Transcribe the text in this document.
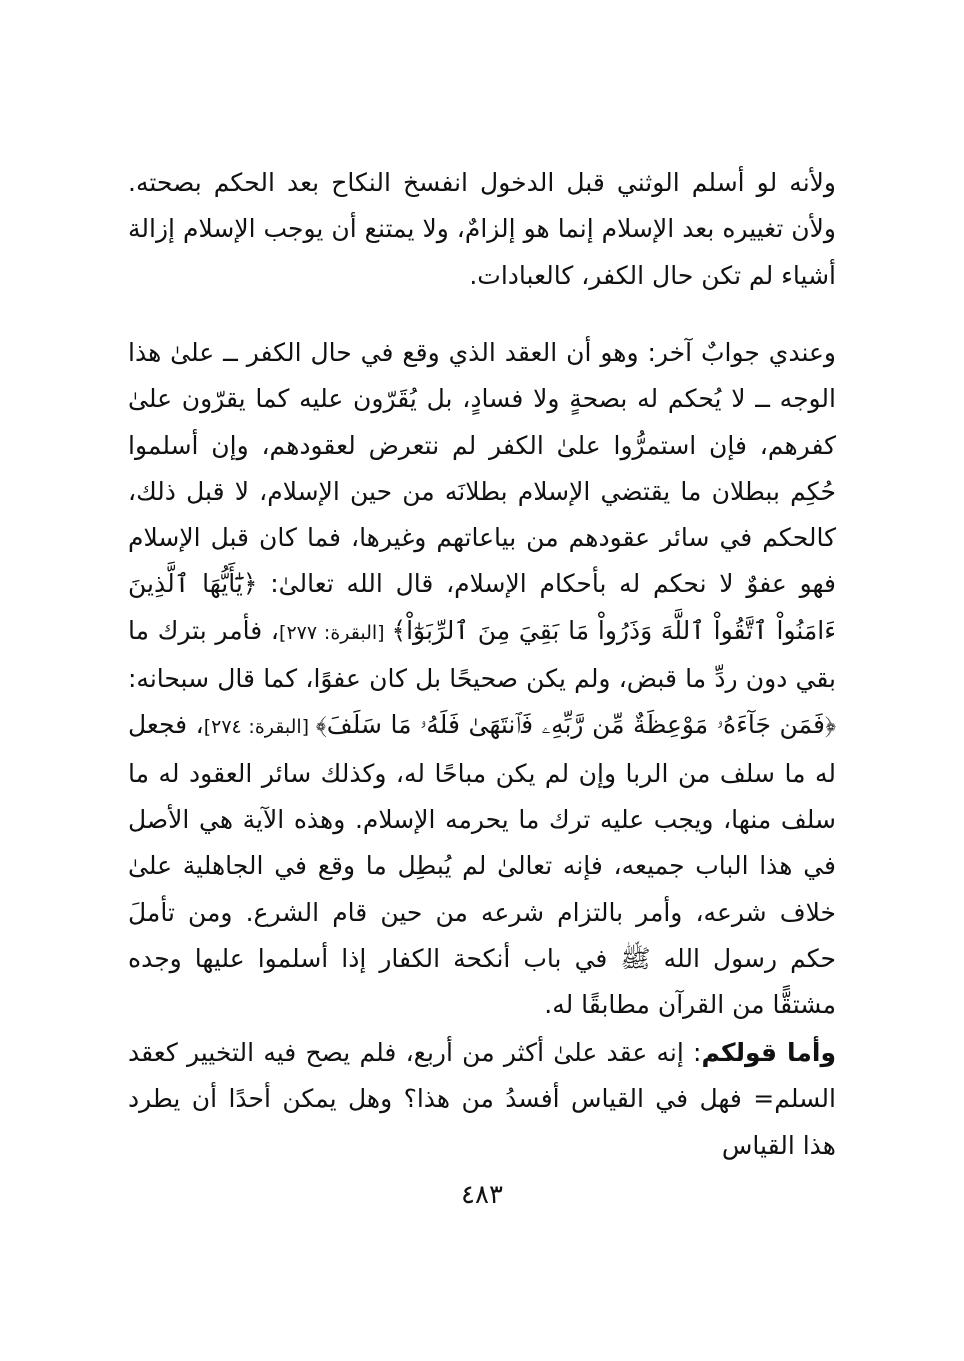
ولأنه لو أسلم الوثني قبل الدخول انفسخ النكاح بعد الحكم بصحته. ولأن تغييره بعد الإسلام إنما هو إلزامٌ، ولا يمتنع أن يوجب الإسلام إزالة أشياء لم تكن حال الكفر، كالعبادات.

وعندي جوابٌ آخر: وهو أن العقد الذي وقع في حال الكفر ــ علىٰ هذا الوجه ــ لا يُحكم له بصحةٍ ولا فسادٍ، بل يُقَرّون عليه كما يقرّون علىٰ كفرهم، فإن استمرُّوا علىٰ الكفر لم نتعرض لعقودهم، وإن أسلموا حُكِم ببطلان ما يقتضي الإسلام بطلانَه من حين الإسلام، لا قبل ذلك، كالحكم في سائر عقودهم من بياعاتهم وغيرها، فما كان قبل الإسلام فهو عفوٌ لا نحكم له بأحكام الإسلام، قال الله تعالىٰ: ﴿يَٰٓأَيُّهَا ٱلَّذِينَ ءَامَنُواْ ٱتَّقُواْ ٱللَّهَ وَذَرُواْ مَا بَقِيَ مِنَ ٱلرِّبَوٰٓاْ﴾ [البقرة: ٢٧٧]، فأمر بترك ما بقي دون ردِّ ما قبض، ولم يكن صحيحًا بل كان عفوًا، كما قال سبحانه: ﴿فَمَن جَآءَهُۥ مَوْعِظَةٌ مِّن رَّبِّهِۦ فَٱنتَهَىٰ فَلَهُۥ مَا سَلَفَ﴾ [البقرة: ٢٧٤]، فجعل له ما سلف من الربا وإن لم يكن مباحًا له، وكذلك سائر العقود له ما سلف منها، ويجب عليه ترك ما يحرمه الإسلام. وهذه الآية هي الأصل في هذا الباب جميعه، فإنه تعالىٰ لم يُبطِل ما وقع في الجاهلية علىٰ خلاف شرعه، وأمر بالتزام شرعه من حين قام الشرع. ومن تأملَ حكم رسول الله ﷺ في باب أنكحة الكفار إذا أسلموا عليها وجده مشتقًّا من القرآن مطابقًا له.

وأما قولكم: إنه عقد علىٰ أكثر من أربع، فلم يصح فيه التخيير كعقد السلم= فهل في القياس أفسدُ من هذا؟ وهل يمكن أحدًا أن يطرد هذا القياس

٤٨٣
